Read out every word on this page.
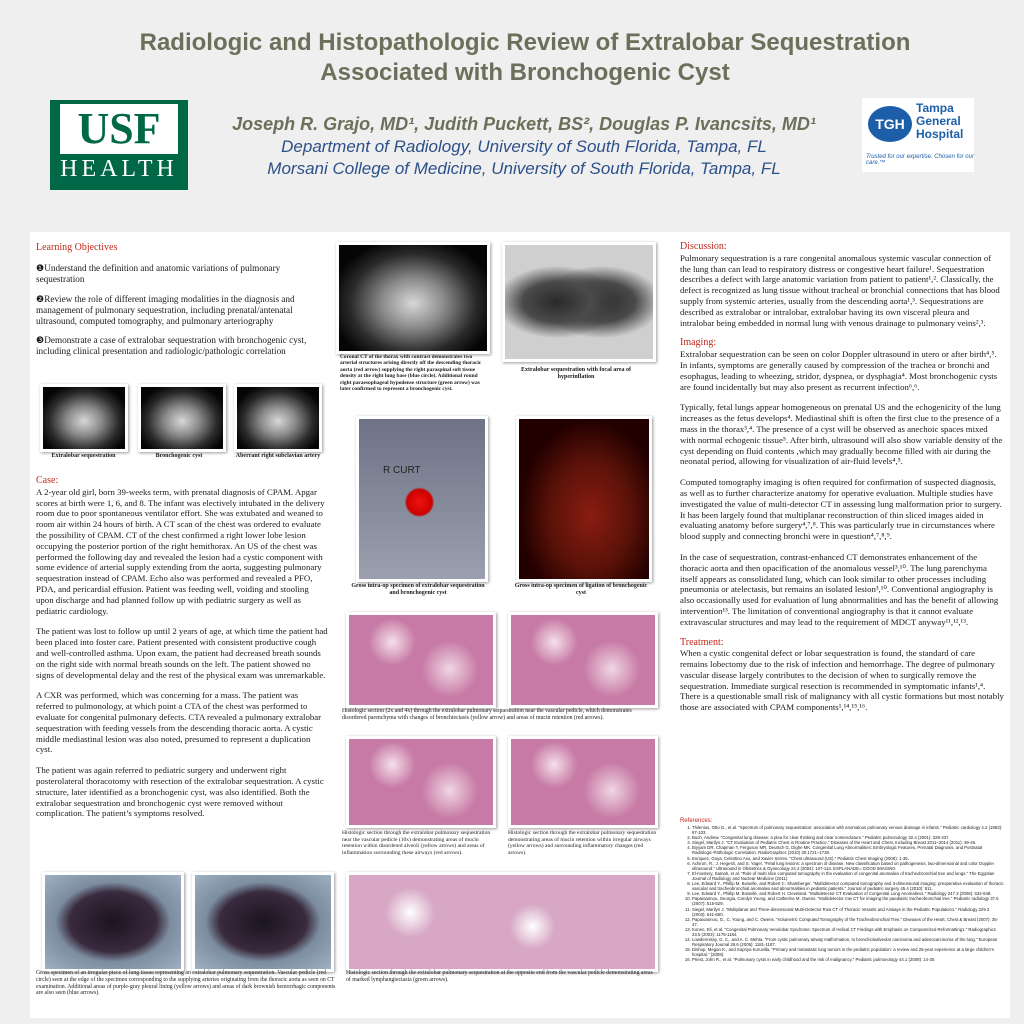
Radiologic and Histopathologic Review of Extralobar Sequestration
Associated with Bronchogenic Cyst
USF
HEALTH
Joseph R. Grajo, MD¹, Judith Puckett, BS², Douglas P. Ivancsits, MD¹
Department of Radiology, University of South Florida, Tampa, FL
Morsani College of Medicine, University of South Florida, Tampa, FL
TGH
Tampa General Hospital
Trusted for our expertise. Chosen for our care.™
Learning Objectives
❶Understand the definition and anatomic variations of pulmonary sequestration
❷Review the role of different imaging modalities in the diagnosis and management of pulmonary sequestration, including prenatal/antenatal ultrasound, computed tomography, and pulmonary arteriography
❸Demonstrate a case of extralobar sequestration with bronchogenic cyst, including clinical presentation and radiologic/pathologic correlation
Extralobar sequestration	Bronchogenic cyst	Aberrant right subclavian artery
Case:
A 2-year old girl, born 39-weeks term, with prenatal diagnosis of CPAM. Apgar scores at birth were 1, 6, and 8. The infant was electively intubated in the delivery room due to poor spontaneous ventilator effort. She was extubated and weaned to room air within 24 hours of birth. A CT scan of the chest was ordered to evaluate the possibility of CPAM. CT of the chest confirmed a right lower lobe lesion occupying the posterior portion of the right hemithorax. An US of the chest was performed the following day and revealed the lesion had a cystic component with some evidence of arterial supply extending from the aorta, suggesting pulmonary sequestration instead of CPAM. Echo also was performed and revealed a PFO, PDA, and pericardial effusion. Patient was feeding well, voiding and stooling upon discharge and had planned follow up with pediatric surgery as well as pediatric cardiology.
The patient was lost to follow up until 2 years of age, at which time the patient had been placed into foster care. Patient presented with consistent productive cough and well-controlled asthma. Upon exam, the patient had decreased breath sounds on the right side with normal breath sounds on the left. The patient showed no signs of developmental delay and the rest of the physical exam was unremarkable.
A CXR was performed, which was concerning for a mass. The patient was referred to pulmonology, at which point a CTA of the chest was performed to evaluate for congenital pulmonary defects. CTA revealed a pulmonary extralobar sequestration with feeding vessels from the descending thoracic aorta. A cystic middle mediastinal lesion was also noted, presumed to represent a duplication cyst.
The patient was again referred to pediatric surgery and underwent right posterolateral thoracotomy with resection of the extralobar sequestration. A cystic structure, later identified as a bronchogenic cyst, was also identified. Both the extralobar sequestration and bronchogenic cyst were removed without complication. The patient’s symptoms resolved.
Gross specimen of an irregular piece of lung tissue representing an extralobar pulmonary sequestration. Vascular pedicle (red circle) seen at the edge of the specimen corresponding to the supplying arteries originating from the thoracic aorta as seen on CT examination. Additional areas of purple-gray pleural lining (yellow arrows) and areas of dark brownish hemorrhagic components are also seen (blue arrows).
Coronal CT of the thorax with contrast demonstrates two arterial structures arising directly off the descending thoracic aorta (red arrow) supplying the right paraspinal soft tissue density at the right lung base (blue circle). Additional round right paraesophageal hypodense structure (green arrow) was later confirmed to represent a bronchogenic cyst.
Extralobar sequestration with focal area of hyperinflation
R CURT
Gross intra-op specimen of extralobar sequestration and bronchogenic cyst
Gross intra-op specimen of ligation of bronchogenic cyst
Histologic section (2x and 4x) through the extralobar pulmonary sequestration near the vascular pedicle, which demonstrates disordered parenchyma with changes of bronchiectasis (yellow arrow) and areas of mucin retention (red arrows).
Histologic section through the extralobar pulmonary sequestration near the vascular pedicle (10x) demonstrating areas of mucin retention within disordered alveoli (yellow arrows) and areas of inflammation surrounding these airways (red arrows).
Histologic section through the extralobar pulmonary sequestration demonstrating areas of mucin retention within irregular airways (yellow arrows) and surrounding inflammatory changes (red arrows).
Histologic section through the extralobar pulmonary sequestration at the opposite end from the vascular pedicle demonstrating areas of marked lymphangiectasia (green arrows).
Discussion:
Pulmonary sequestration is a rare congenital anomalous systemic vascular connection of the lung than can lead to respiratory distress or congestive heart failure¹. Sequestration describes a defect with large anatomic variation from patient to patient¹,². Classically, the defect is recognized as lung tissue without tracheal or bronchial connections that has blood supply from systemic arteries, usually from the descending aorta¹,³. Sequestrations are described as extralobar or intralobar, extralobar having its own visceral pleura and intralobar being embedded in normal lung with venous drainage to pulmonary veins²,³.
Imaging:
Extralobar sequestration can be seen on color Doppler ultrasound in utero or after birth⁴,⁵. In infants, symptoms are generally caused by compression of the trachea or bronchi and esophagus, leading to wheezing, stridor, dyspnea, or dysphagia⁴. Most bronchogenic cysts are found incidentally but may also present as recurrent infection⁶,⁶.
Typically, fetal lungs appear homogeneous on prenatal US and the echogenicity of the lung increases as the fetus develops⁴. Mediastinal shift is often the first clue to the presence of a mass in the thorax³,⁴. The presence of a cyst will be observed as anechoic spaces mixed with normal echogenic tissue⁵. After birth, ultrasound will also show variable density of the cyst depending on fluid contents ,which may gradually become filled with air during the neonatal period, allowing for visualization of air-fluid levels⁴,⁵.
Computed tomography imaging is often required for confirmation of suspected diagnosis, as well as to further characterize anatomy for operative evaluation. Multiple studies have investigated the value of multi-detector CT in assessing lung malformation prior to surgery. It has been largely found that multiplanar reconstruction of thin sliced images aided in evaluating anatomy before surgery⁴,⁷,⁸. This was particularly true in circumstances where blood supply and connecting bronchi were in question⁴,⁷,⁸,⁹.
In the case of sequestration, contrast-enhanced CT demonstrates enhancement of the thoracic aorta and then opacification of the anomalous vessel³,¹⁰. The lung parenchyma itself appears as consolidated lung, which can look similar to other processes including pneumonia or atelectasis, but remains an isolated lesion³,¹⁰. Conventional angiography is also occasionally used for evaluation of lung abnormalities and has the benefit of allowing intervention¹³. The limitation of conventional angiography is that it cannot evaluate extravascular structures and may lead to the requirement of MDCT anyway¹¹,¹²,¹³.
Treatment:
When a cystic congenital defect or lobar sequestration is found, the standard of care remains lobectomy due to the risk of infection and hemorrhage. The degree of pulmonary vascular disease largely contributes to the decision of when to surgically remove the sequestration. Immediate surgical resection is recommended in symptomatic infants¹,⁴. There is a questionable small risk of malignancy with all cystic formations but most notably those are associated with CPAM components¹,¹⁴,¹⁵,¹⁶.
References:
1. Thilenius, Otto G., et al. "Spectrum of pulmonary sequestration: association with anomalous pulmonary venous drainage in infants." Pediatric cardiology 4.2 (1983): 97-103.
2. Buch, Andrew. "Congenital lung disease: a plea for clear thinking and clear nomenclature." Pediatric pulmonology 32.4 (2001): 328-337.
3. Siegel, Marilyn J. "CT Evaluation of Pediatric Chest in Routine Practice." Diseases of the Heart and Chest, Including Breast 2011–2014 (2011): 39-46.
4. Biyyam DR, Chapman T, Ferguson MR, Deutsch G, Dighe MK. Congenital Lung Abnormalities: Embryologic Features, Prenatal Diagnosis, and Postnatal Radiologic-Pathologic Correlation. RadioGraphics (2010) 30:1721–1738.
5. Enriquez, Goya, Celestino Aso, and Xavier Serres. "Chest ultrasound (US)." Pediatric Chest Imaging (2008): 1-35.
6. Achiron, R., J. Hegesh, and S. Yagel. "Fetal lung lesions: a spectrum of disease. New classification based on pathogenesis, two-dimensional and color Doppler ultrasound." Ultrasound in Obstetrics & Gynecology 24.2 (2004): 107-114. ESPLANADE= GOOD IMAGING
7. El-mostery, Samah, et al. "Role of multi slice computed tomography in the evaluation of congenital anomalies of tracheobronchial tree and lungs." The Egyptian Journal of Radiology and Nuclear Medicine (2011).
8. Lee, Edward Y., Phillip M. Boiselle, and Robert C. Shamberger. "Multidetector computed tomography and 3-dimensional imaging: preoperative evaluation of thoracic vascular and tracheobronchial anomalies and abnormalities in pediatric patients." Journal of pediatric surgery 45.4 (2010): 811.
9. Lee, Edward Y., Phillip M. Boiselle, and Robert H. Cleveland. "Multidetector CT Evaluation of Congenital Lung Anomalies1." Radiology 247.3 (2008): 632-648.
10. Papaioannou, Georgia, Carolyn Young, and Catherine M. Owens. "Multidetector row CT for imaging the paediatric tracheobronchial tree." Pediatric radiology 37.6 (2007): 515-529.
11. Siegel, Marilyn J. "Multiplanar and Three-dimensional Multi-Detector Row CT of Thoracic Vessels and Airways in the Pediatric Population1." Radiology 229.3 (2003): 641-650.
12. Papaioannou, G., C. Young, and C. Owens. "Volumetric Computed Tomography of the Tracheobronchial Tree." Diseases of the Heart, Chest & Breast (2007): 35-47.
13. Konen, Eli, et al. "Congenital Pulmonary Venolobar Syndrome: Spectrum of Helical CT Findings with Emphasis on Computerized Reformatting1." Radiographics 23.5 (2003): 1175-1184.
14. Lowdermissy, G. C., and A. C. Mehta. "From cystic pulmonary airway malformation, to bronchioloalveolar carcinoma and adenocarcinoma of the lung." European Respiratory Journal 26.6 (2005): 1181-1187.
15. Dishop, Megan K., and Supriya Kuruvilla. "Primary and metastatic lung tumors in the pediatric population: a review and 25-year experience at a large children's hospital." (2008).
16. Priest, John R., et al. "Pulmonary cysts in early childhood and the risk of malignancy." Pediatric pulmonology 44.1 (2009): 14-30.
